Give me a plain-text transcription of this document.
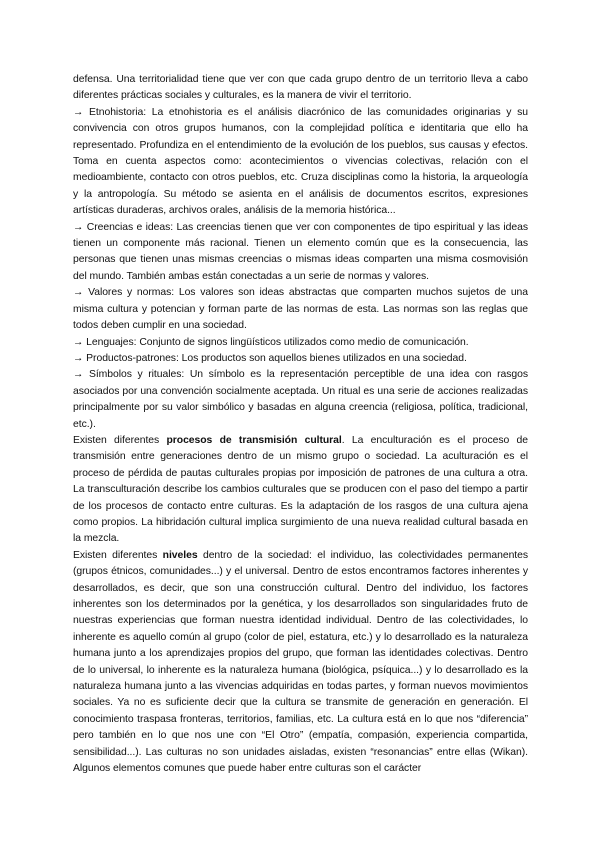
defensa. Una territorialidad tiene que ver con que cada grupo dentro de un territorio lleva a cabo diferentes prácticas sociales y culturales, es la manera de vivir el territorio.

→ Etnohistoria: La etnohistoria es el análisis diacrónico de las comunidades originarias y su convivencia con otros grupos humanos, con la complejidad política e identitaria que ello ha representado. Profundiza en el entendimiento de la evolución de los pueblos, sus causas y efectos. Toma en cuenta aspectos como: acontecimientos o vivencias colectivas, relación con el medioambiente, contacto con otros pueblos, etc. Cruza disciplinas como la historia, la arqueología y la antropología. Su método se asienta en el análisis de documentos escritos, expresiones artísticas duraderas, archivos orales, análisis de la memoria histórica...

→ Creencias e ideas: Las creencias tienen que ver con componentes de tipo espiritual y las ideas tienen un componente más racional. Tienen un elemento común que es la consecuencia, las personas que tienen unas mismas creencias o mismas ideas comparten una misma cosmovisión del mundo. También ambas están conectadas a un serie de normas y valores.

→ Valores y normas: Los valores son ideas abstractas que comparten muchos sujetos de una misma cultura y potencian y forman parte de las normas de esta. Las normas son las reglas que todos deben cumplir en una sociedad.

→ Lenguajes: Conjunto de signos lingüísticos utilizados como medio de comunicación.

→ Productos-patrones: Los productos son aquellos bienes utilizados en una sociedad.

→ Símbolos y rituales: Un símbolo es la representación perceptible de una idea con rasgos asociados por una convención socialmente aceptada. Un ritual es una serie de acciones realizadas principalmente por su valor simbólico y basadas en alguna creencia (religiosa, política, tradicional, etc.).

Existen diferentes procesos de transmisión cultural. La enculturación es el proceso de transmisión entre generaciones dentro de un mismo grupo o sociedad. La aculturación es el proceso de pérdida de pautas culturales propias por imposición de patrones de una cultura a otra. La transculturación describe los cambios culturales que se producen con el paso del tiempo a partir de los procesos de contacto entre culturas. Es la adaptación de los rasgos de una cultura ajena como propios. La hibridación cultural implica surgimiento de una nueva realidad cultural basada en la mezcla.

Existen diferentes niveles dentro de la sociedad: el individuo, las colectividades permanentes (grupos étnicos, comunidades...) y el universal. Dentro de estos encontramos factores inherentes y desarrollados, es decir, que son una construcción cultural. Dentro del individuo, los factores inherentes son los determinados por la genética, y los desarrollados son singularidades fruto de nuestras experiencias que forman nuestra identidad individual. Dentro de las colectividades, lo inherente es aquello común al grupo (color de piel, estatura, etc.) y lo desarrollado es la naturaleza humana junto a los aprendizajes propios del grupo, que forman las identidades colectivas. Dentro de lo universal, lo inherente es la naturaleza humana (biológica, psíquica...) y lo desarrollado es la naturaleza humana junto a las vivencias adquiridas en todas partes, y forman nuevos movimientos sociales. Ya no es suficiente decir que la cultura se transmite de generación en generación. El conocimiento traspasa fronteras, territorios, familias, etc. La cultura está en lo que nos “diferencia” pero también en lo que nos une con “El Otro” (empatía, compasión, experiencia compartida, sensibilidad...). Las culturas no son unidades aisladas, existen “resonancias” entre ellas (Wikan). Algunos elementos comunes que puede haber entre culturas son el carácter
